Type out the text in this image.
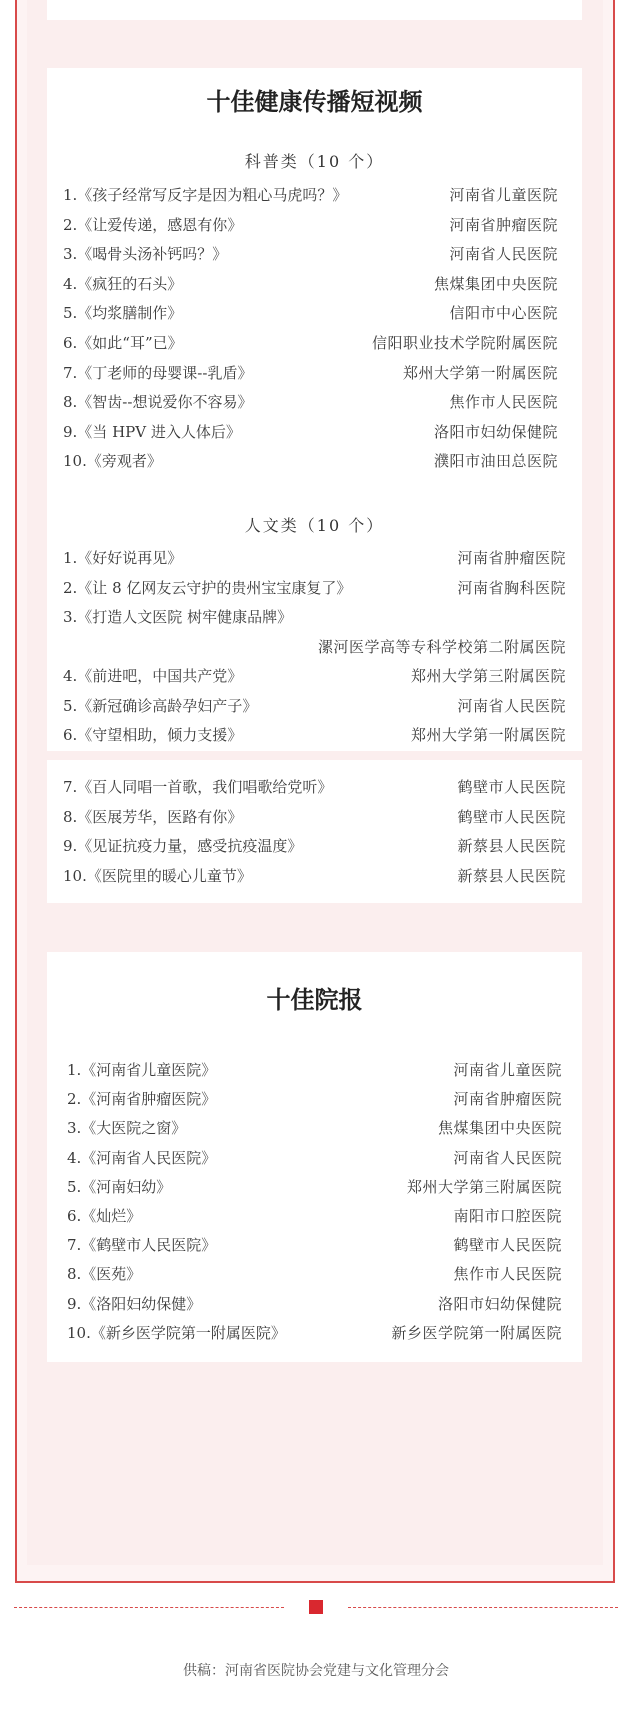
十佳健康传播短视频
科普类（10 个）
1.《孩子经常写反字是因为粗心马虎吗？》	河南省儿童医院
2.《让爱传递，感恩有你》	河南省肿瘤医院
3.《喝骨头汤补钙吗？》	河南省人民医院
4.《疯狂的石头》	焦煤集团中央医院
5.《均浆膳制作》	信阳市中心医院
6.《如此“耳”已》	信阳职业技术学院附属医院
7.《丁老师的母婴课--乳盾》	郑州大学第一附属医院
8.《智齿--想说爱你不容易》	焦作市人民医院
9.《当 HPV 进入人体后》	洛阳市妇幼保健院
10.《旁观者》	濮阳市油田总医院
人文类（10 个）
1.《好好说再见》	河南省肿瘤医院
2.《让 8 亿网友云守护的贵州宝宝康复了》	河南省胸科医院
3.《打造人文医院 树牢健康品牌》
漯河医学高等专科学校第二附属医院
4.《前进吧，中国共产党》	郑州大学第三附属医院
5.《新冠确诊高龄孕妇产子》	河南省人民医院
6.《守望相助，倾力支援》	郑州大学第一附属医院
7.《百人同唱一首歌，我们唱歌给党听》	鹤壁市人民医院
8.《医展芳华，医路有你》	鹤壁市人民医院
9.《见证抗疫力量，感受抗疫温度》	新蔡县人民医院
10.《医院里的暖心儿童节》	新蔡县人民医院
十佳院报
1.《河南省儿童医院》	河南省儿童医院
2.《河南省肿瘤医院》	河南省肿瘤医院
3.《大医院之窗》	焦煤集团中央医院
4.《河南省人民医院》	河南省人民医院
5.《河南妇幼》	郑州大学第三附属医院
6.《灿烂》	南阳市口腔医院
7.《鹤壁市人民医院》	鹤壁市人民医院
8.《医苑》	焦作市人民医院
9.《洛阳妇幼保健》	洛阳市妇幼保健院
10.《新乡医学院第一附属医院》	新乡医学院第一附属医院
供稿：河南省医院协会党建与文化管理分会
